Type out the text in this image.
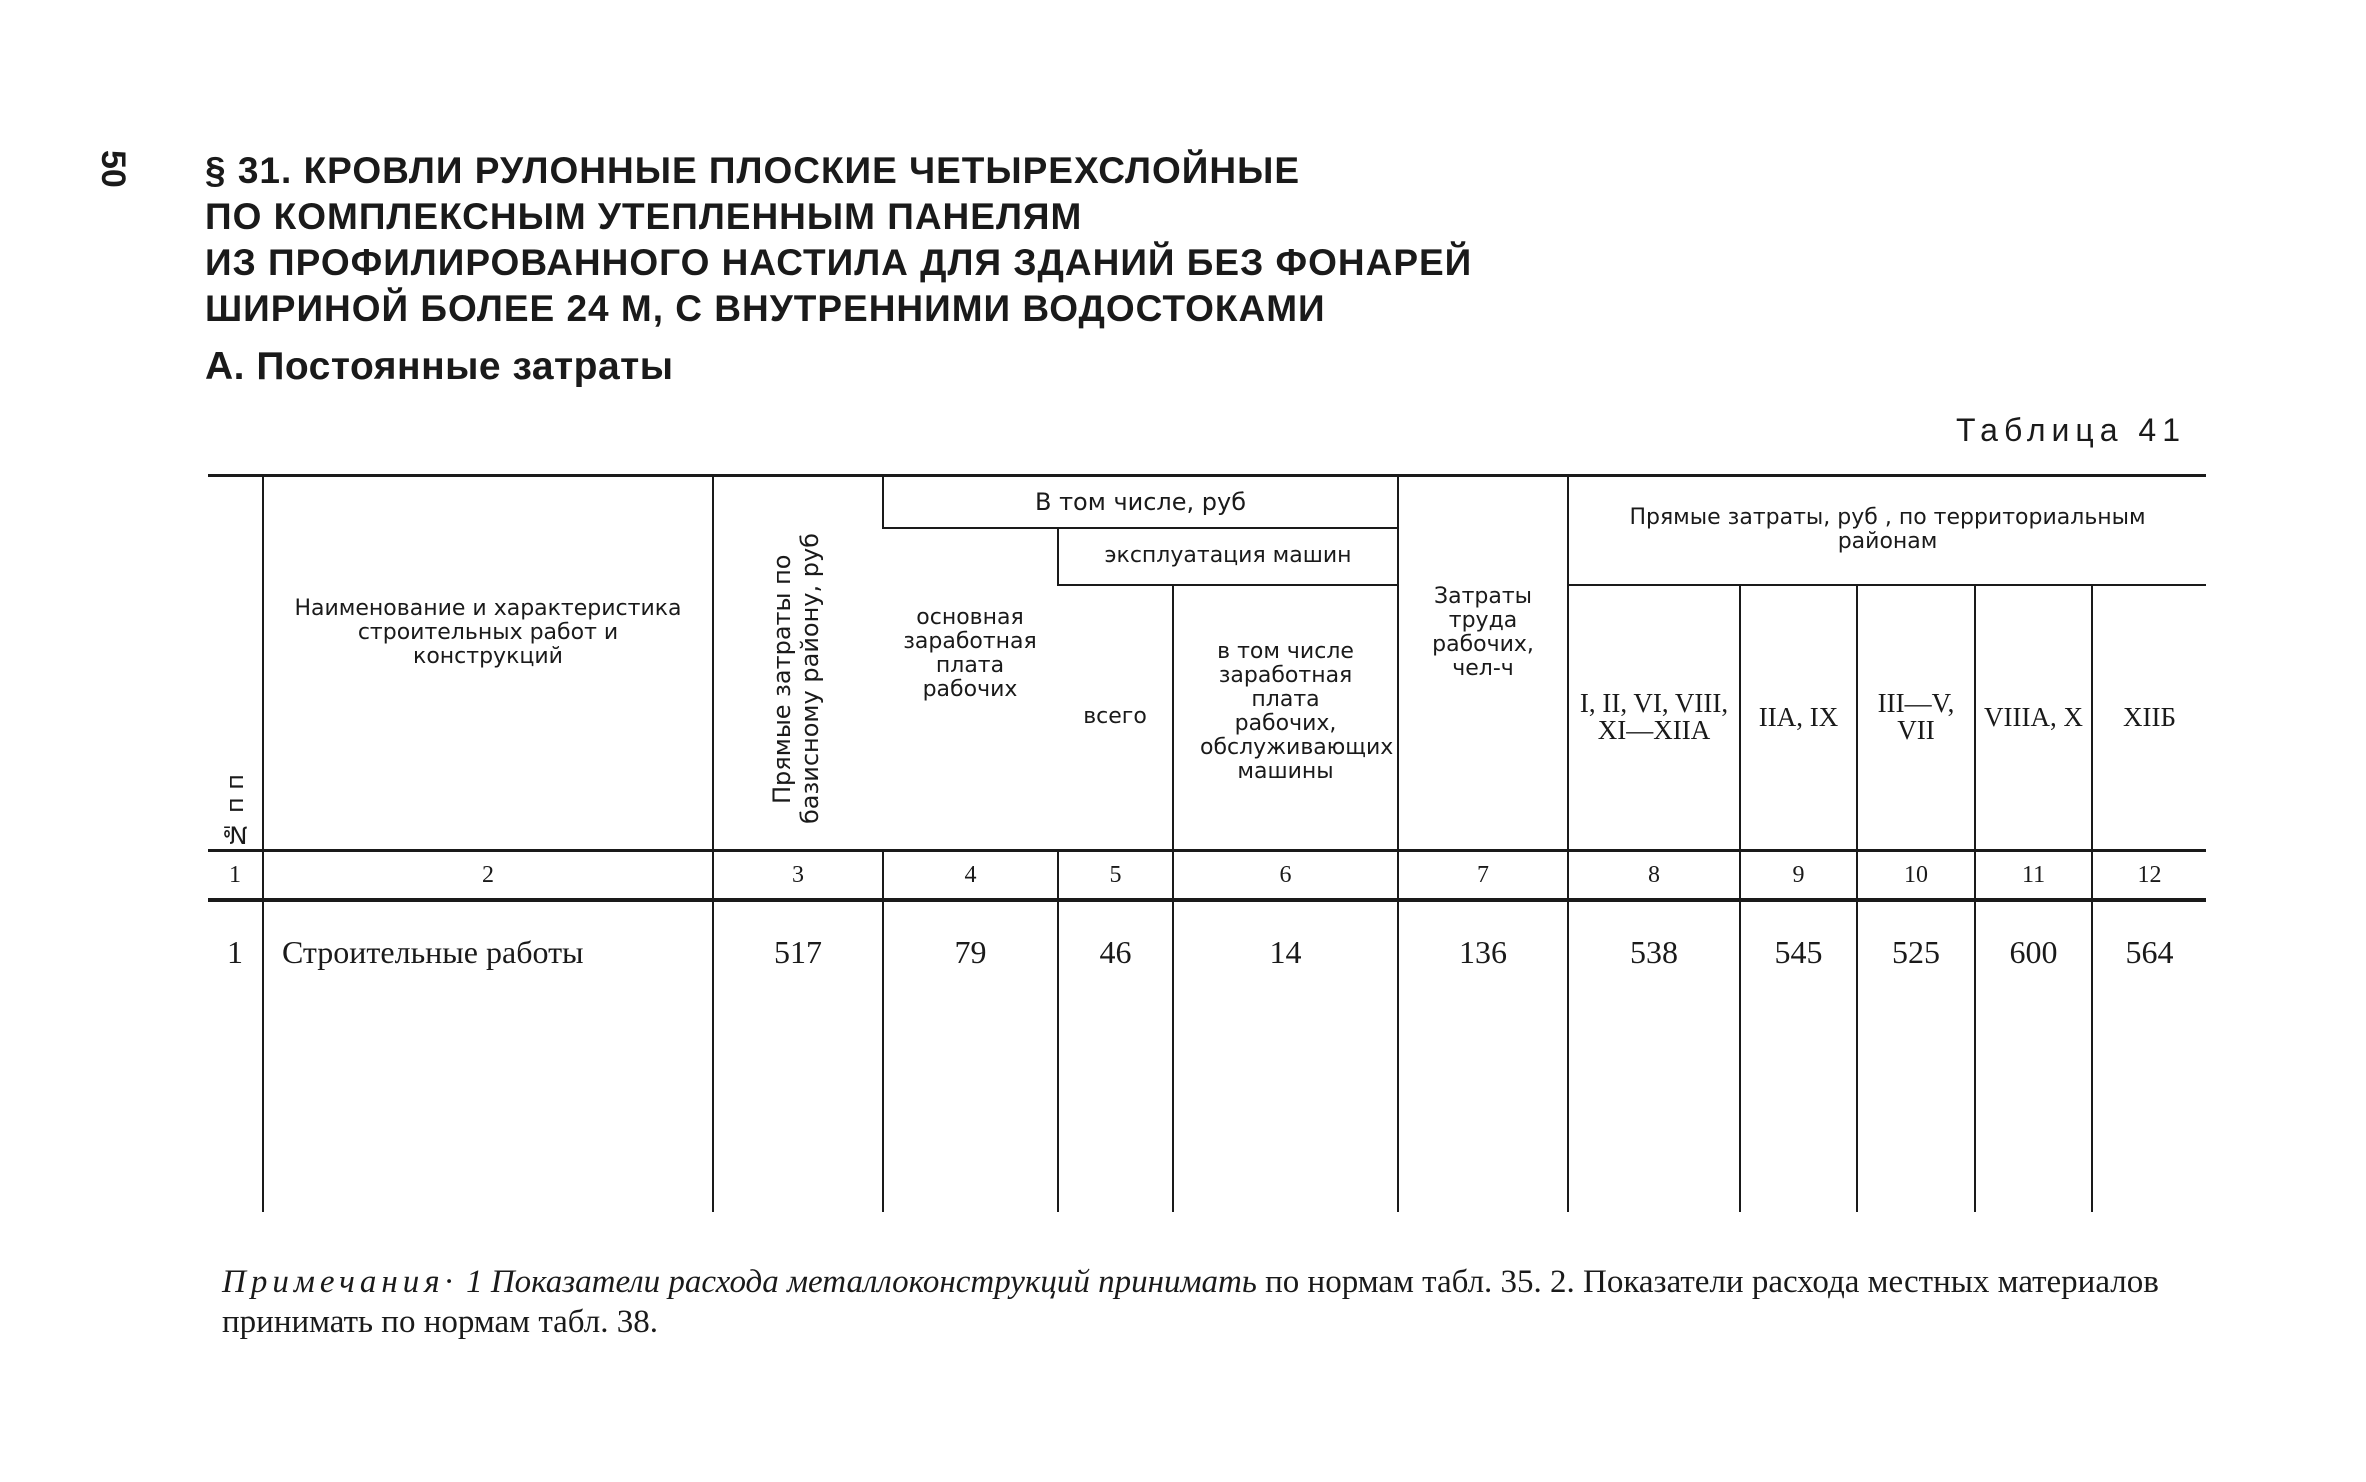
50 § 31. КРОВЛИ РУЛОННЫЕ ПЛОСКИЕ ЧЕТЫРЕХСЛОЙНЫЕ
ПО КОМПЛЕКСНЫМ УТЕПЛЕННЫМ ПАНЕЛЯМ
ИЗ ПРОФИЛИРОВАННОГО НАСТИЛА ДЛЯ ЗДАНИЙ БЕЗ ФОНАРЕЙ
ШИРИНОЙ БОЛЕЕ 24 М, С ВНУТРЕННИМИ ВОДОСТОКАМИ
А. Постоянные затраты
Таблица 41
№ п п	Наименование и характеристика строительных работ и конструкций	Прямые затраты по базисному району, руб	В том числе, руб			Затраты труда рабочих, чел-ч	Прямые затраты, руб , по территориальным районам				
			основная заработная плата рабочих	эксплуатация машин							
				всего	в том числе заработная плата рабочих, обслуживающих машины		I, II, VI, VIII, XI—XIIA	IIА, IX	III—V, VII	VIIIА, X	XIIБ
1	2	3	4	5	6	7	8	9	10	11	12
1	Строительные работы	517	79	46	14	136	538	545	525	600	564
Примечания· 1 Показатели расхода металлоконструкций принимать по нормам табл. 35. 2. Показатели расхода местных материалов принимать по нормам табл. 38.
